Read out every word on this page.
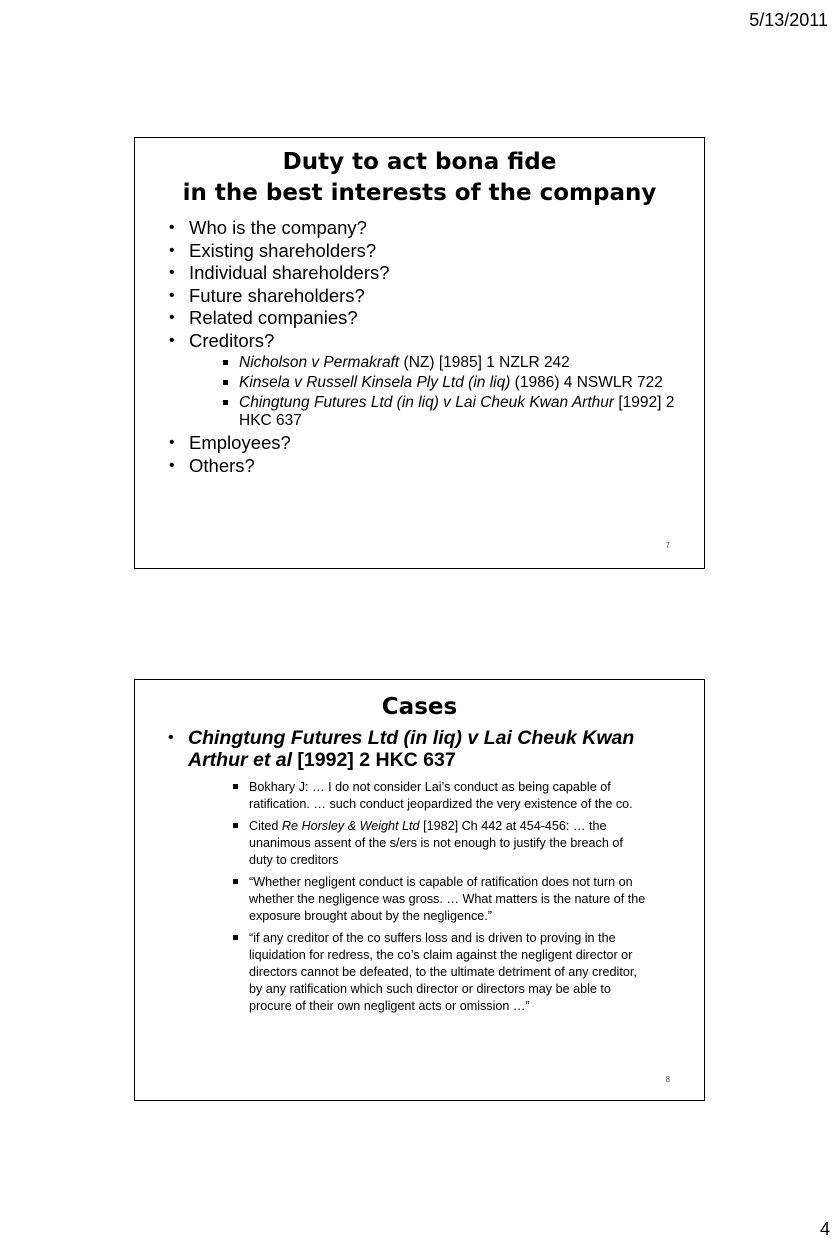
5/13/2011
Duty to act bona fide
in the best interests of the company
• Who is the company?
• Existing shareholders?
• Individual shareholders?
• Future shareholders?
• Related companies?
• Creditors?
Nicholson v Permakraft (NZ) [1985] 1 NZLR 242
Kinsela v Russell Kinsela Ply Ltd (in liq) (1986) 4 NSWLR 722
Chingtung Futures Ltd (in liq) v Lai Cheuk Kwan Arthur [1992] 2 HKC 637
• Employees?
• Others?
7
Cases
• Chingtung Futures Ltd (in liq) v Lai Cheuk Kwan Arthur et al [1992] 2 HKC 637
Bokhary J: … I do not consider Lai’s conduct as being capable of ratification. … such conduct jeopardized the very existence of the co.
Cited Re Horsley & Weight Ltd [1982] Ch 442 at 454-456: … the unanimous assent of the s/ers is not enough to justify the breach of duty to creditors
“Whether negligent conduct is capable of ratification does not turn on whether the negligence was gross. … What matters is the nature of the exposure brought about by the negligence.”
“if any creditor of the co suffers loss and is driven to proving in the liquidation for redress, the co’s claim against the negligent director or directors cannot be defeated, to the ultimate detriment of any creditor, by any ratification which such director or directors may be able to procure of their own negligent acts or omission …”
8
4
